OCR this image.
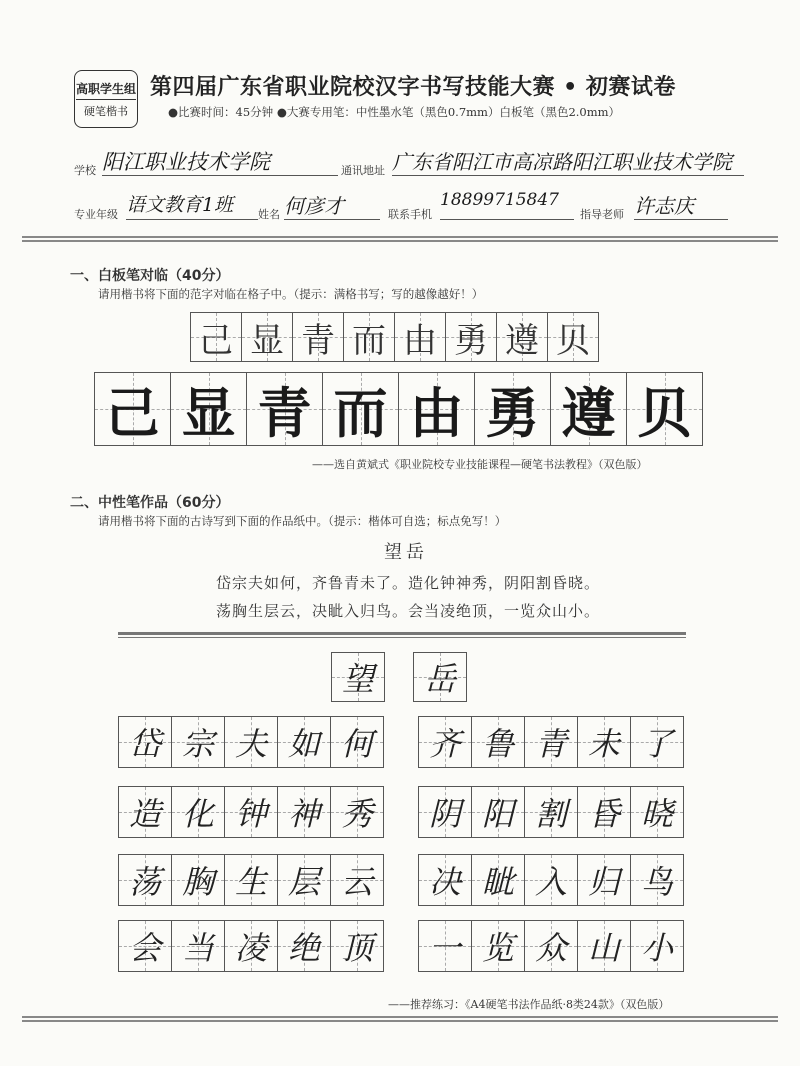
高职学生组
硬笔楷书
第四届广东省职业院校汉字书写技能大赛 • 初赛试卷
●比赛时间：45分钟 ●大赛专用笔：中性墨水笔（黑色0.7mm）白板笔（黑色2.0mm）
学校 阳江职业技术学院	通讯地址 广东省阳江市高凉路阳江职业技术学院
专业年级 语文教育1班	姓名 何彦才	联系手机
18899715847
指导老师 许志庆
一、白板笔对临（40分）
请用楷书将下面的范字对临在格子中。（提示：满格书写；写的越像越好！）
己 显 青 而 由 勇 遵 贝
己 显 青 而 由 勇 遵 贝
——选自黄斌式《职业院校专业技能课程—硬笔书法教程》（双色版）
二、中性笔作品（60分）
请用楷书将下面的古诗写到下面的作品纸中。（提示：楷体可自选；标点免写！）
望岳
岱宗夫如何，齐鲁青未了。造化钟神秀，阴阳割昏晓。
荡胸生层云，决眦入归鸟。会当凌绝顶，一览众山小。
望 岳
岱 宗 夫 如 何 齐 鲁 青 未 了
造 化 钟 神 秀 阴 阳 割 昏 晓
荡 胸 生 层 云 决 眦 入 归 鸟
会 当 凌 绝 顶 一 览 众 山 小
——推荐练习：《A4硬笔书法作品纸·8类24款》（双色版）
